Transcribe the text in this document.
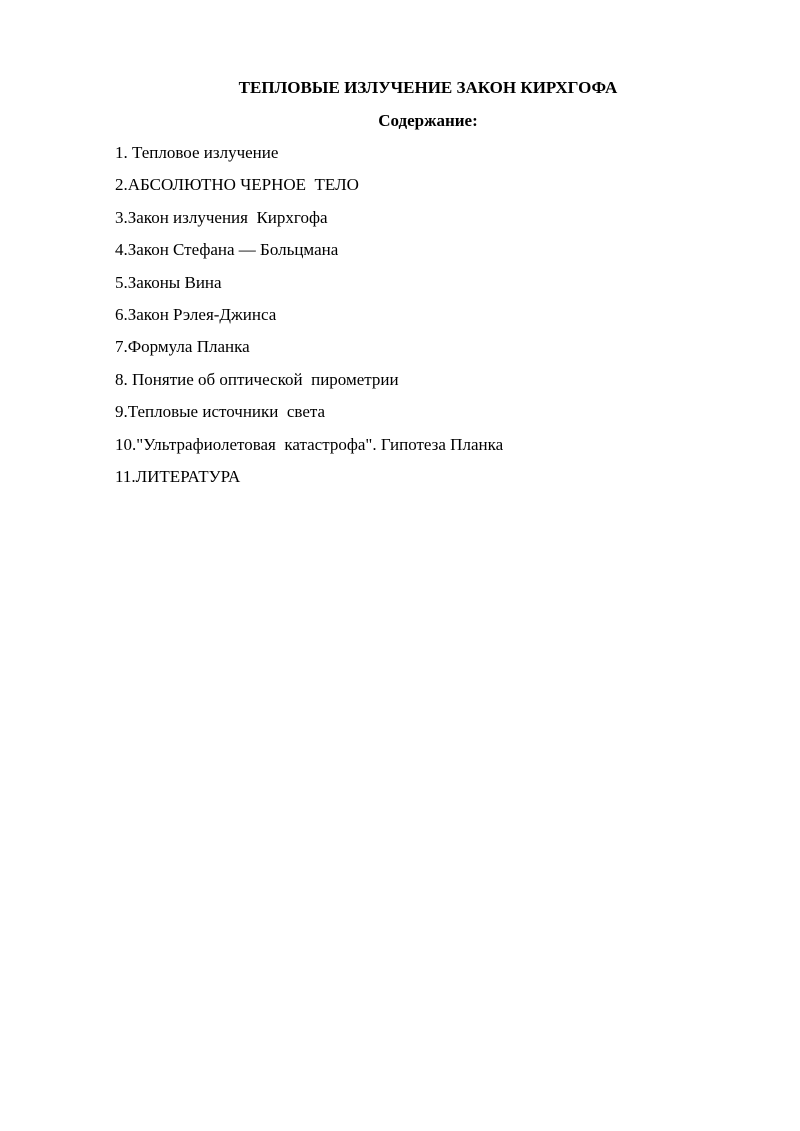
ТЕПЛОВЫЕ ИЗЛУЧЕНИЕ ЗАКОН КИРХГОФА
Содержание:
1. Тепловое излучение
2.АБСОЛЮТНО ЧЕРНОЕ  ТЕЛО
3.Закон излучения  Кирхгофа
4.Закон Стефана — Больцмана
5.Законы Вина
6.Закон Рэлея-Джинса
7.Формула Планка
8. Понятие об оптической  пирометрии
9.Тепловые источники  света
10."Ультрафиолетовая  катастрофа". Гипотеза Планка
11.ЛИТЕРАТУРА
